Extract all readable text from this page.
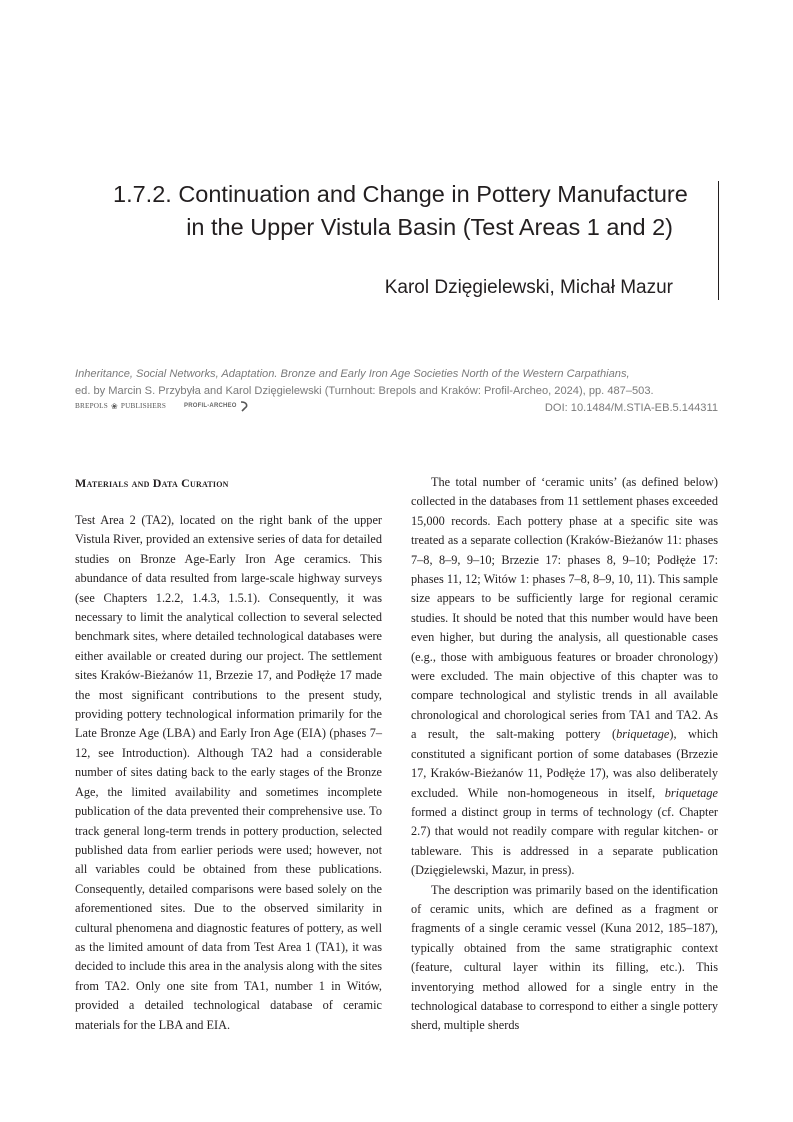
1.7.2. Continuation and Change in Pottery Manufacture
in the Upper Vistula Basin (Test Areas 1 and 2)
Karol Dzięgielewski, Michał Mazur
Inheritance, Social Networks, Adaptation. Bronze and Early Iron Age Societies North of the Western Carpathians,
ed. by Marcin S. Przybyła and Karol Dzięgielewski (Turnhout: Brepols and Kraków: Profil-Archeo, 2024), pp. 487–503.
DOI: 10.1484/M.STIA-EB.5.144311
BREPOLS ❀ PUBLISHERS	PROFIL-ARCHEO
Materials and Data Curation

Test Area 2 (TA2), located on the right bank of the upper Vistula River, provided an extensive series of data for detailed studies on Bronze Age-Early Iron Age ceramics. This abundance of data resulted from large-scale highway surveys (see Chapters 1.2.2, 1.4.3, 1.5.1). Consequently, it was necessary to limit the analytical collection to several selected benchmark sites, where detailed technological databases were either available or created during our project. The settlement sites Kraków-Bieżanów 11, Brzezie 17, and Podłęże 17 made the most significant contributions to the present study, providing pottery technological information primarily for the Late Bronze Age (LBA) and Early Iron Age (EIA) (phases 7–12, see Introduction). Although TA2 had a considerable number of sites dating back to the early stages of the Bronze Age, the limited availability and sometimes incomplete publication of the data prevented their comprehensive use. To track general long-term trends in pottery production, selected published data from earlier periods were used; however, not all variables could be obtained from these publications. Consequently, detailed comparisons were based solely on the aforementioned sites. Due to the observed similarity in cultural phenomena and diagnostic features of pottery, as well as the limited amount of data from Test Area 1 (TA1), it was decided to include this area in the analysis along with the sites from TA2. Only one site from TA1, number 1 in Witów, provided a detailed technological database of ceramic materials for the LBA and EIA.

The total number of ‘ceramic units’ (as defined below) collected in the databases from 11 settlement phases exceeded 15,000 records. Each pottery phase at a specific site was treated as a separate collection (Kraków-Bieżanów 11: phases 7–8, 8–9, 9–10; Brzezie 17: phases 8, 9–10; Podłęże 17: phases 11, 12; Witów 1: phases 7–8, 8–9, 10, 11). This sample size appears to be sufficiently large for regional ceramic studies. It should be noted that this number would have been even higher, but during the analysis, all questionable cases (e.g., those with ambiguous features or broader chronology) were excluded. The main objective of this chapter was to compare technological and stylistic trends in all available chronological and chorological series from TA1 and TA2. As a result, the salt-making pottery (briquetage), which constituted a significant portion of some databases (Brzezie 17, Kraków-Bieżanów 11, Podłęże 17), was also deliberately excluded. While non-homogeneous in itself, briquetage formed a distinct group in terms of technology (cf. Chapter 2.7) that would not readily compare with regular kitchen- or tableware. This is addressed in a separate publication (Dzięgielewski, Mazur, in press).

The description was primarily based on the identification of ceramic units, which are defined as a fragment or fragments of a single ceramic vessel (Kuna 2012, 185–187), typically obtained from the same stratigraphic context (feature, cultural layer within its filling, etc.). This inventorying method allowed for a single entry in the technological database to correspond to either a single pottery sherd, multiple sherds
